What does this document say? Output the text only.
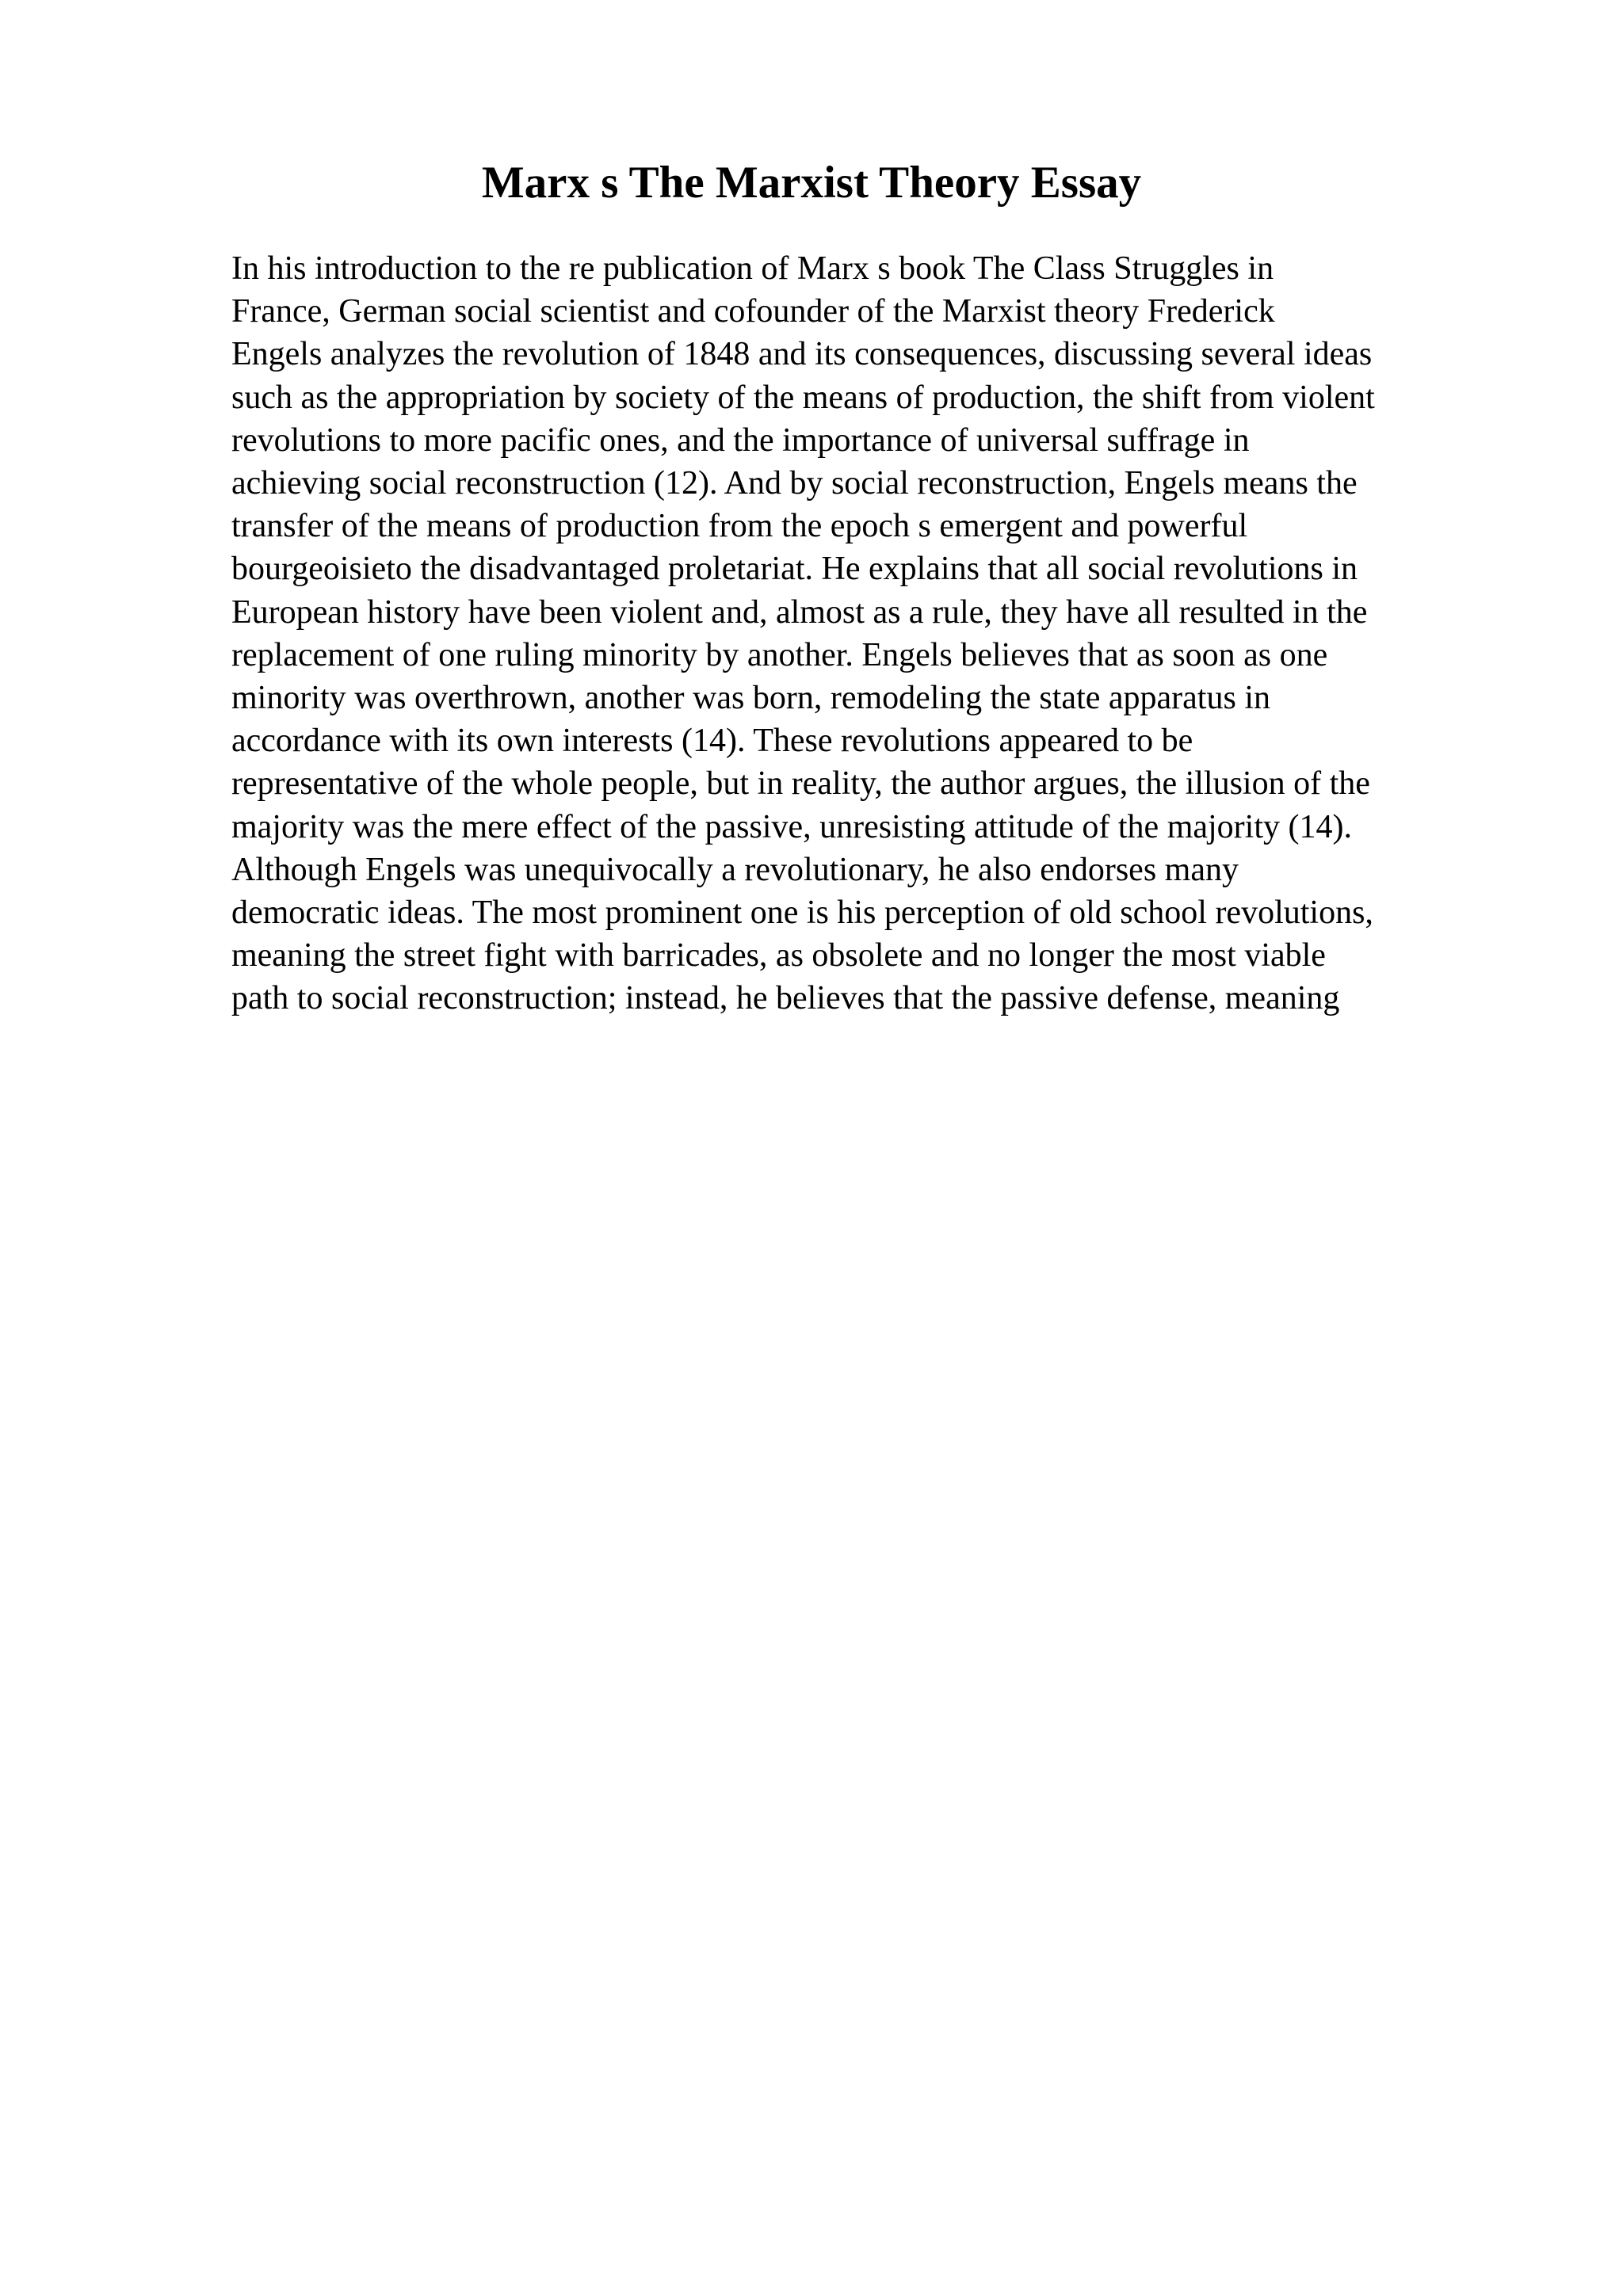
Marx s The Marxist Theory Essay
In his introduction to the re publication of Marx s book The Class Struggles in
France, German social scientist and cofounder of the Marxist theory Frederick
Engels analyzes the revolution of 1848 and its consequences, discussing several ideas
such as the appropriation by society of the means of production, the shift from violent
revolutions to more pacific ones, and the importance of universal suffrage in
achieving social reconstruction (12). And by social reconstruction, Engels means the
transfer of the means of production from the epoch s emergent and powerful
bourgeoisieto the disadvantaged proletariat. He explains that all social revolutions in
European history have been violent and, almost as a rule, they have all resulted in the
replacement of one ruling minority by another. Engels believes that as soon as one
minority was overthrown, another was born, remodeling the state apparatus in
accordance with its own interests (14). These revolutions appeared to be
representative of the whole people, but in reality, the author argues, the illusion of the
majority was the mere effect of the passive, unresisting attitude of the majority (14).
Although Engels was unequivocally a revolutionary, he also endorses many
democratic ideas. The most prominent one is his perception of old school revolutions,
meaning the street fight with barricades, as obsolete and no longer the most viable
path to social reconstruction; instead, he believes that the passive defense, meaning
